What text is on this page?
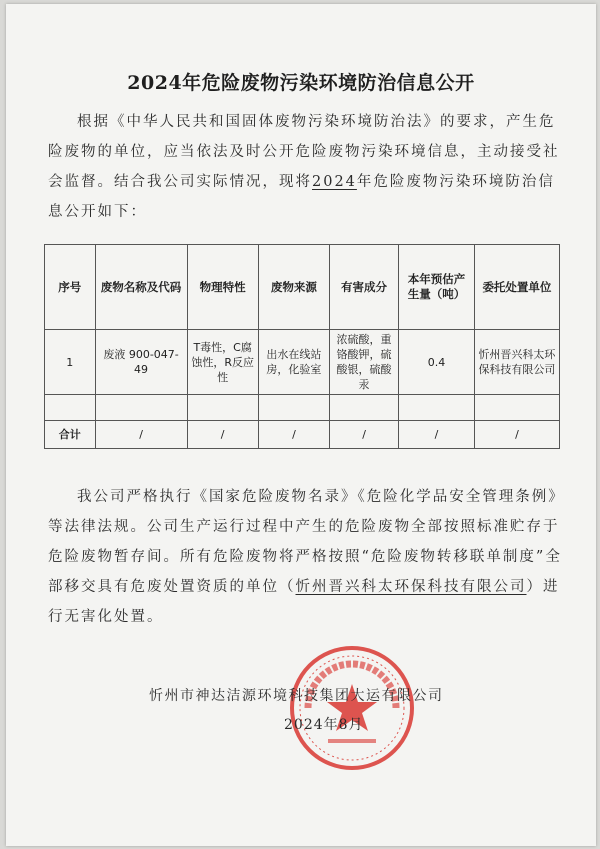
2024年危险废物污染环境防治信息公开
根据《中华人民共和国固体废物污染环境防治法》的要求，产生危险废物的单位，应当依法及时公开危险废物污染环境信息，主动接受社会监督。结合我公司实际情况，现将2024年危险废物污染环境防治信息公开如下：
序号	废物名称及代码	物理特性	废物来源	有害成分	本年预估产生量（吨）	委托处置单位
1	废液 900-047-49	T毒性，C腐蚀性，R反应性	出水在线站房，化验室	浓硫酸，重铬酸钾，硫酸银，硫酸汞	0.4	忻州晋兴科太环保科技有限公司

合计	/	/	/	/	/	/
我公司严格执行《国家危险废物名录》《危险化学品安全管理条例》等法律法规。公司生产运行过程中产生的危险废物全部按照标准贮存于危险废物暂存间。所有危险废物将严格按照“危险废物转移联单制度”全部移交具有危废处置资质的单位（忻州晋兴科太环保科技有限公司）进行无害化处置。
忻州市神达洁源环境科技集团大运有限公司
2024年8月
